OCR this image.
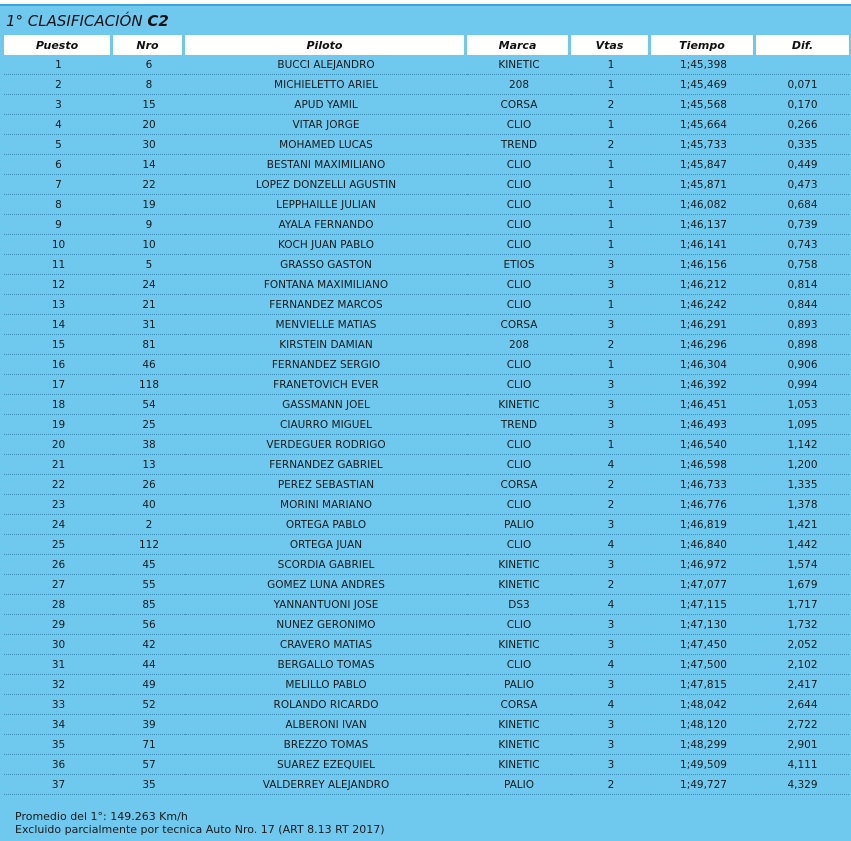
1° CLASIFICACIÓN C2
Puesto	Nro	Piloto	Marca	Vtas	Tiempo	Dif.
1	6	BUCCI ALEJANDRO	KINETIC	1	1;45,398	
2	8	MICHIELETTO ARIEL	208	1	1;45,469	0,071
3	15	APUD YAMIL	CORSA	2	1;45,568	0,170
4	20	VITAR JORGE	CLIO	1	1;45,664	0,266
5	30	MOHAMED LUCAS	TREND	2	1;45,733	0,335
6	14	BESTANI MAXIMILIANO	CLIO	1	1;45,847	0,449
7	22	LOPEZ DONZELLI AGUSTIN	CLIO	1	1;45,871	0,473
8	19	LEPPHAILLE JULIAN	CLIO	1	1;46,082	0,684
9	9	AYALA FERNANDO	CLIO	1	1;46,137	0,739
10	10	KOCH JUAN PABLO	CLIO	1	1;46,141	0,743
11	5	GRASSO GASTON	ETIOS	3	1;46,156	0,758
12	24	FONTANA MAXIMILIANO	CLIO	3	1;46,212	0,814
13	21	FERNANDEZ MARCOS	CLIO	1	1;46,242	0,844
14	31	MENVIELLE MATIAS	CORSA	3	1;46,291	0,893
15	81	KIRSTEIN DAMIAN	208	2	1;46,296	0,898
16	46	FERNANDEZ SERGIO	CLIO	1	1;46,304	0,906
17	118	FRANETOVICH EVER	CLIO	3	1;46,392	0,994
18	54	GASSMANN JOEL	KINETIC	3	1;46,451	1,053
19	25	CIAURRO MIGUEL	TREND	3	1;46,493	1,095
20	38	VERDEGUER RODRIGO	CLIO	1	1;46,540	1,142
21	13	FERNANDEZ GABRIEL	CLIO	4	1;46,598	1,200
22	26	PEREZ SEBASTIAN	CORSA	2	1;46,733	1,335
23	40	MORINI MARIANO	CLIO	2	1;46,776	1,378
24	2	ORTEGA PABLO	PALIO	3	1;46,819	1,421
25	112	ORTEGA JUAN	CLIO	4	1;46,840	1,442
26	45	SCORDIA GABRIEL	KINETIC	3	1;46,972	1,574
27	55	GOMEZ LUNA ANDRES	KINETIC	2	1;47,077	1,679
28	85	YANNANTUONI JOSE	DS3	4	1;47,115	1,717
29	56	NUNEZ GERONIMO	CLIO	3	1;47,130	1,732
30	42	CRAVERO MATIAS	KINETIC	3	1;47,450	2,052
31	44	BERGALLO TOMAS	CLIO	4	1;47,500	2,102
32	49	MELILLO PABLO	PALIO	3	1;47,815	2,417
33	52	ROLANDO RICARDO	CORSA	4	1;48,042	2,644
34	39	ALBERONI IVAN	KINETIC	3	1;48,120	2,722
35	71	BREZZO TOMAS	KINETIC	3	1;48,299	2,901
36	57	SUAREZ EZEQUIEL	KINETIC	3	1;49,509	4,111
37	35	VALDERREY ALEJANDRO	PALIO	2	1;49,727	4,329
Promedio del 1°: 149.263 Km/h
Excluido parcialmente por tecnica Auto Nro. 17 (ART 8.13 RT 2017)
